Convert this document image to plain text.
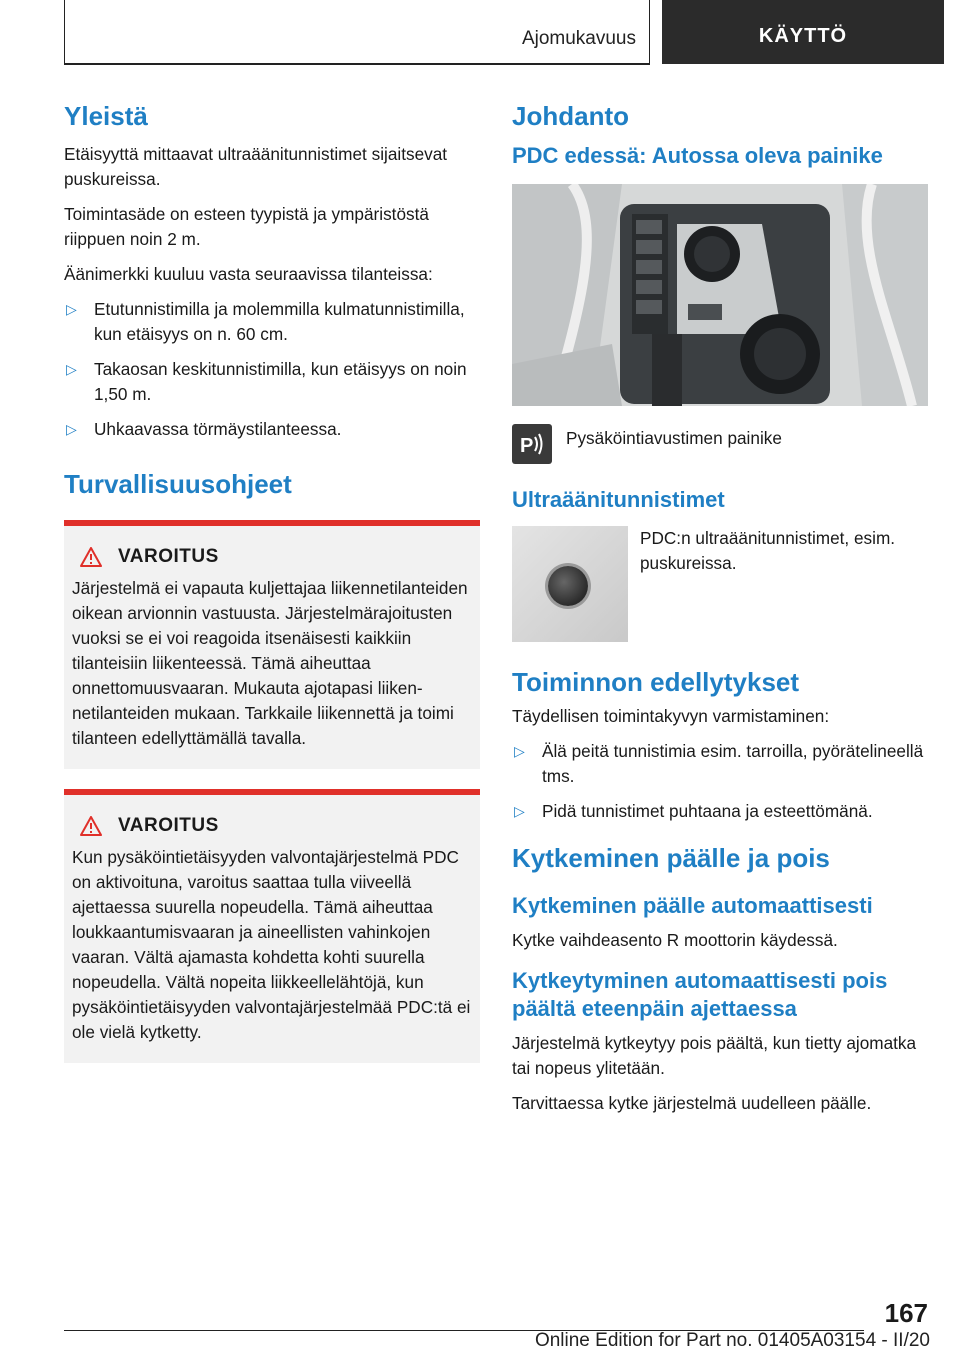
Ajomukavuus	KÄYTTÖ
Yleistä

Etäisyyttä mittaavat ultraäänitunnistimet sijaitsevat puskureissa.

Toimintasäde on esteen tyypistä ja ympäristöstä riippuen noin 2 m.

Äänimerkki kuuluu vasta seuraavissa tilanteissa:

▷ Etutunnistimilla ja molemmilla kulmatunnistimilla, kun etäisyys on n. 60 cm.
▷ Takaosan keskitunnistimilla, kun etäisyys on noin 1,50 m.
▷ Uhkaavassa törmäystilanteessa.
Turvallisuusohjeet
VAROITUS

Järjestelmä ei vapauta kuljettajaa liikennetilanteiden oikean arvionnin vastuusta. Järjestelmärajoitusten vuoksi se ei voi reagoida itsenäisesti kaikkiin tilanteisiin liikenteessä. Tämä aiheuttaa onnettomuusvaaran. Mukauta ajotapasi liikennetilanteiden mukaan. Tarkkaile liikennettä ja toimi tilanteen edellyttämällä tavalla.

VAROITUS

Kun pysäköintietäisyyden valvontajärjestelmä PDC on aktivoituna, varoitus saattaa tulla viiveellä ajettaessa suurella nopeudella. Tämä aiheuttaa loukkaantumisvaaran ja aineellisten vahinkojen vaaran. Vältä ajamasta kohdetta kohti suurella nopeudella. Vältä nopeita liikkeellelähtöjä, kun pysäköintietäisyyden valvontajärjestelmää PDC:tä ei ole vielä kytketty.

Johdanto
PDC edessä: Autossa oleva painike
P Pysäköintiavustimen painike
Ultraäänitunnistimet
PDC:n ultraäänitunnistimet, esim. puskureissa.
Toiminnon edellytykset

Täydellisen toimintakyvyn varmistaminen:

▷ Älä peitä tunnistimia esim. tarroilla, pyörätelineellä tms.
▷ Pidä tunnistimet puhtaana ja esteettömänä.
Kytkeminen päälle ja pois
Kytkeminen päälle automaattisesti

Kytke vaihdeasento R moottorin käydessä.

Kytkeytyminen automaattisesti pois päältä eteenpäin ajettaessa

Järjestelmä kytkeytyy pois päältä, kun tietty ajomatka tai nopeus ylitetään.

Tarvittaessa kytke järjestelmä uudelleen päälle.

167
Online Edition for Part no. 01405A03154 - II/20
